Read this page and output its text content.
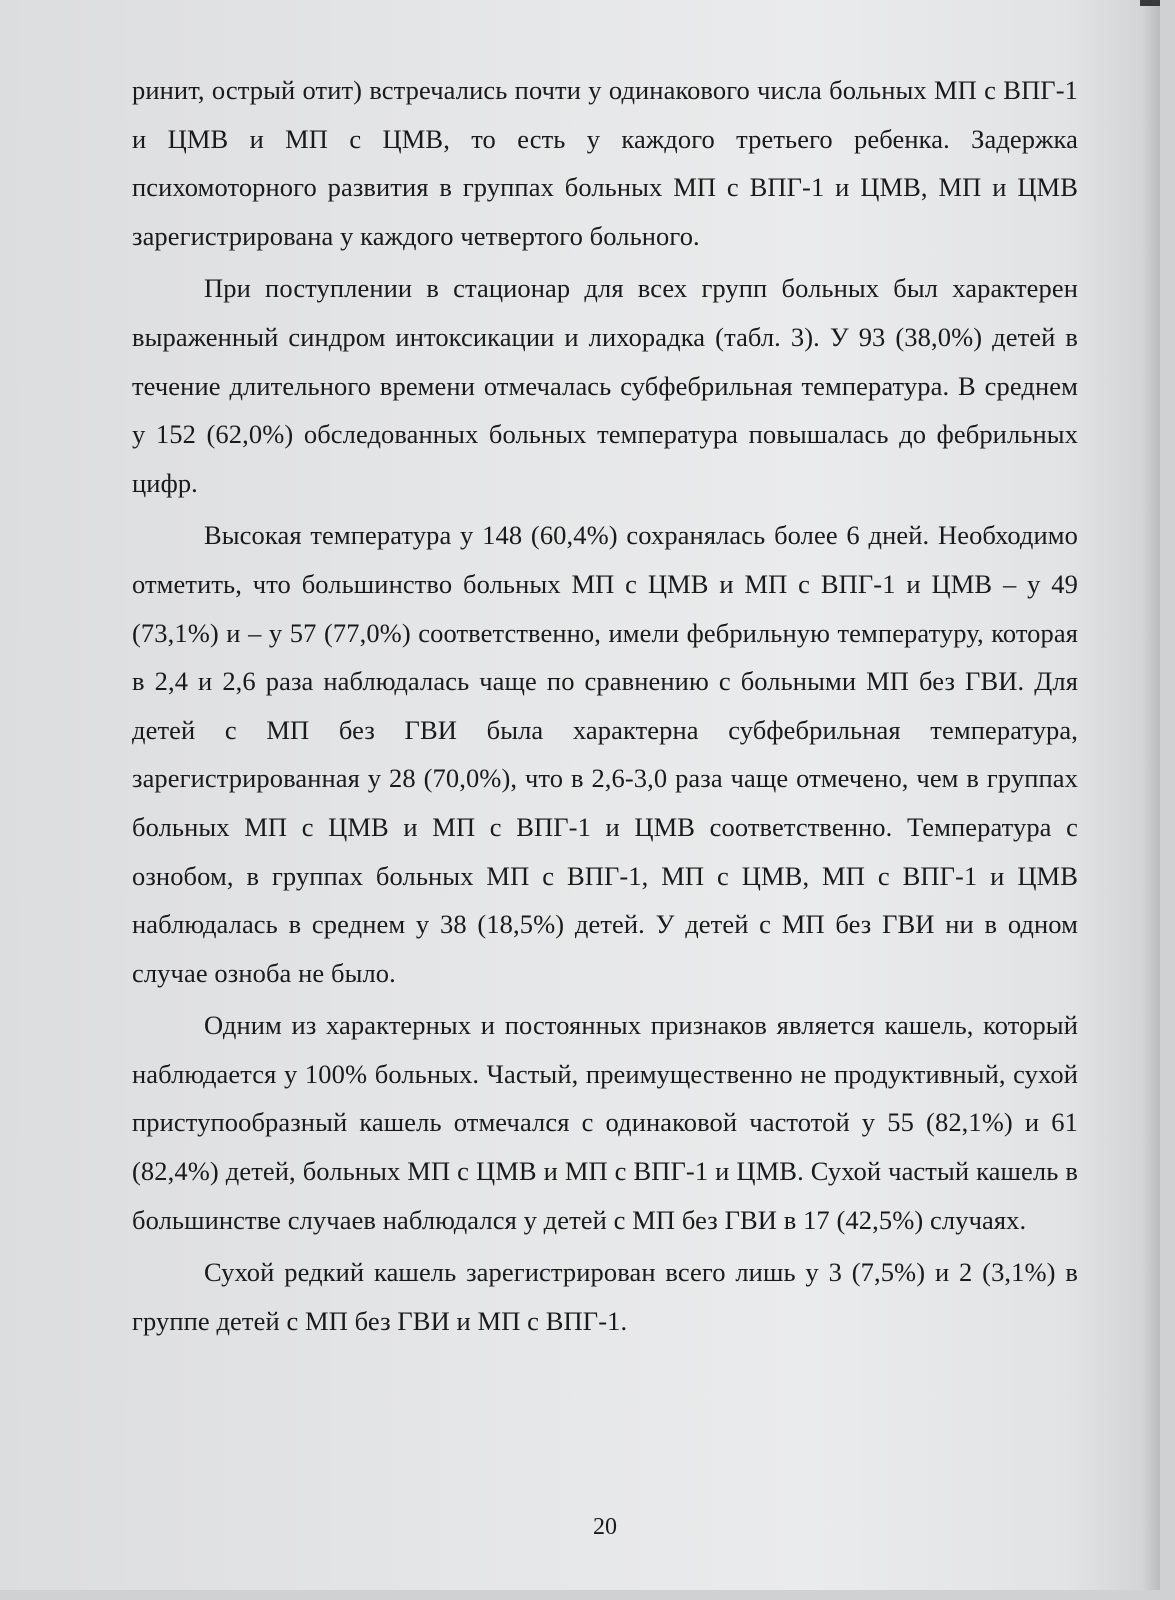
ринит, острый отит) встречались почти у одинакового числа больных МП с ВПГ-1 и ЦМВ и МП с ЦМВ, то есть у каждого третьего ребенка. Задержка психомоторного развития в группах больных МП с ВПГ-1 и ЦМВ, МП и ЦМВ зарегистрирована у каждого четвертого больного.

При поступлении в стационар для всех групп больных был характерен выраженный синдром интоксикации и лихорадка (табл. 3). У 93 (38,0%) детей в течение длительного времени отмечалась субфебрильная температура. В среднем у 152 (62,0%) обследованных больных температура повышалась до фебрильных цифр.

Высокая температура у 148 (60,4%) сохранялась более 6 дней. Необходимо отметить, что большинство больных МП с ЦМВ и МП с ВПГ-1 и ЦМВ – у 49 (73,1%) и – у 57 (77,0%) соответственно, имели фебрильную температуру, которая в 2,4 и 2,6 раза наблюдалась чаще по сравнению с больными МП без ГВИ. Для детей с МП без ГВИ была характерна субфебрильная температура, зарегистрированная у 28 (70,0%), что в 2,6-3,0 раза чаще отмечено, чем в группах больных МП с ЦМВ и МП с ВПГ-1 и ЦМВ соответственно. Температура с ознобом, в группах больных МП с ВПГ-1, МП с ЦМВ, МП с ВПГ-1 и ЦМВ наблюдалась в среднем у 38 (18,5%) детей. У детей с МП без ГВИ ни в одном случае озноба не было.

Одним из характерных и постоянных признаков является кашель, который наблюдается у 100% больных. Частый, преимущественно не продуктивный, сухой приступообразный кашель отмечался с одинаковой частотой у 55 (82,1%) и 61 (82,4%) детей, больных МП с ЦМВ и МП с ВПГ-1 и ЦМВ. Сухой частый кашель в большинстве случаев наблюдался у детей с МП без ГВИ в 17 (42,5%) случаях.

Сухой редкий кашель зарегистрирован всего лишь у 3 (7,5%) и 2 (3,1%) в группе детей с МП без ГВИ и МП с ВПГ-1.

20
